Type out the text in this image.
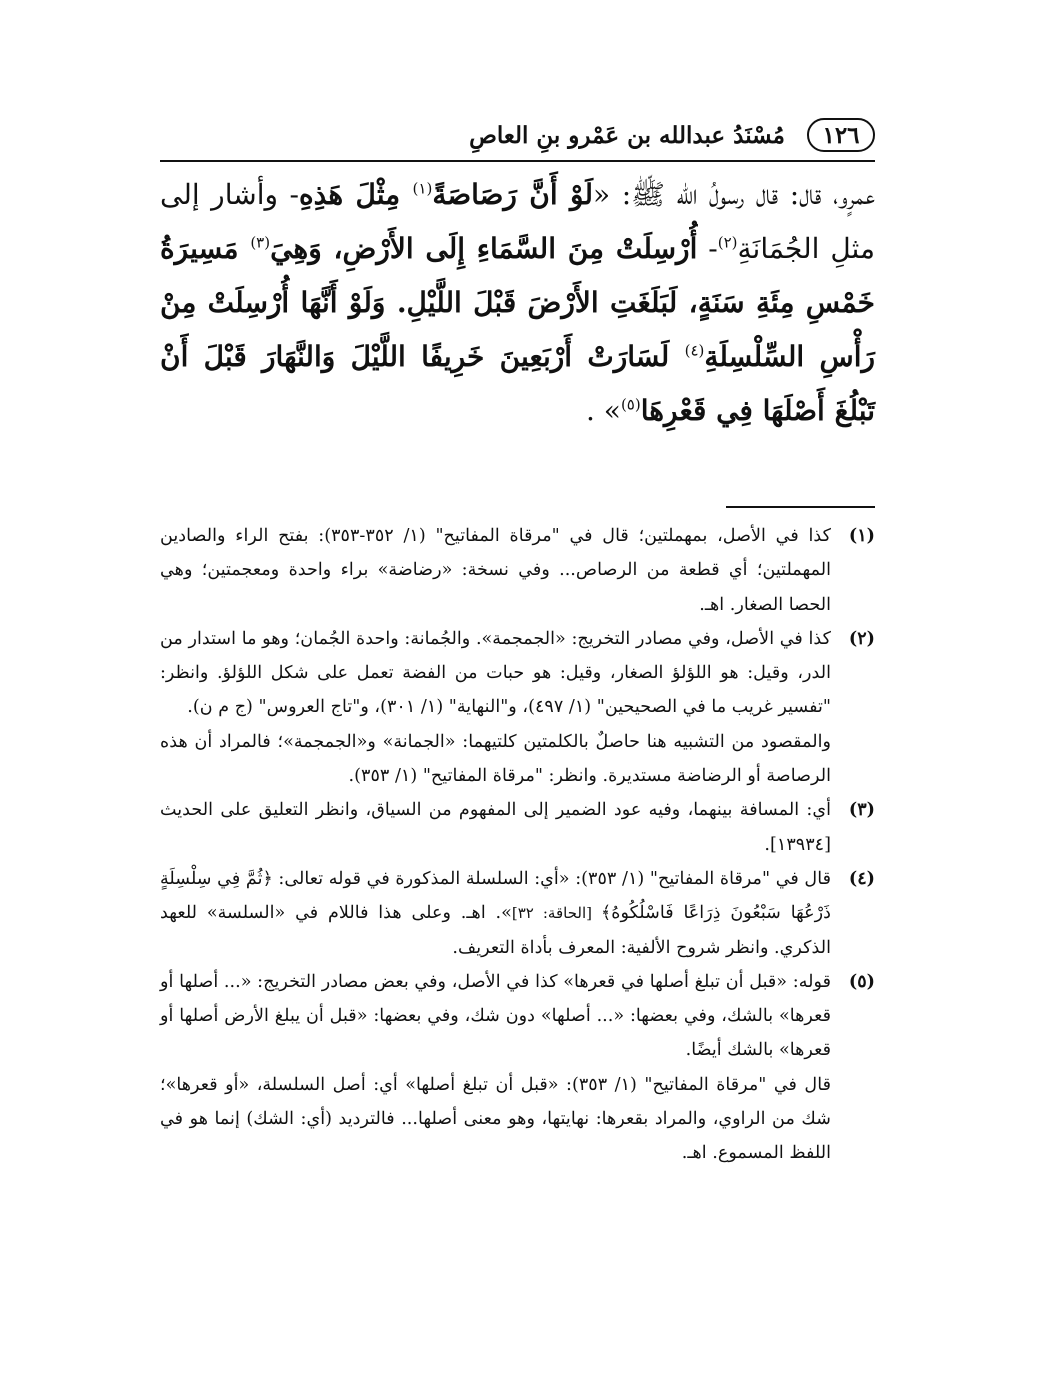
١٢٦
مُسْنَدُ عبدالله بن عَمْرو بنِ العاصِ
عمرٍو، قال: قال رسولُ الله ﷺ: «لَوْ أَنَّ رَصَاصَةً$^{(١)}$ مِثْلَ هَذِهِ- وأشار إلى مثلِ الجُمَانَةِ$^{(٢)}$- أُرْسِلَتْ مِنَ السَّمَاءِ إِلَى الأَرْضِ، وَهِيَ$^{(٣)}$ مَسِيرَةُ خَمْسِ مِئَةِ سَنَةٍ، لَبَلَغَتِ الأَرْضَ قَبْلَ اللَّيْلِ. وَلَوْ أَنَّهَا أُرْسِلَتْ مِنْ رَأْسِ السِّلْسِلَةِ$^{(٤)}$ لَسَارَتْ أَرْبَعِينَ خَرِيفًا اللَّيْلَ وَالنَّهَارَ قَبْلَ أَنْ تَبْلُغَ أَصْلَهَا فِي قَعْرِهَا$^{(٥)}$» .
(١)

كذا في الأصل، بمهملتين؛ قال في "مرقاة المفاتيح" (١/ ٣٥٢-٣٥٣): بفتح الراء والصادين المهملتين؛ أي قطعة من الرصاص... وفي نسخة: «رضاضة» براء واحدة ومعجمتين؛ وهي الحصا الصغار. اهـ.

(٢)

كذا في الأصل، وفي مصادر التخريج: «الجمجمة». والجُمانة: واحدة الجُمان؛ وهو ما استدار من الدر، وقيل: هو اللؤلؤ الصغار، وقيل: هو حبات من الفضة تعمل على شكل اللؤلؤ. وانظر: "تفسير غريب ما في الصحيحين" (١/ ٤٩٧)، و"النهاية" (١/ ٣٠١)، و"تاج العروس" (ج م ن).

والمقصود من التشبيه هنا حاصلٌ بالكلمتين كلتيهما: «الجمانة» و«الجمجمة»؛ فالمراد أن هذه الرصاصة أو الرضاضة مستديرة. وانظر: "مرقاة المفاتيح" (١/ ٣٥٣).

(٣)

أي: المسافة بينهما، وفيه عود الضمير إلى المفهوم من السياق، وانظر التعليق على الحديث [١٣٩٣٤].

(٤)

قال في "مرقاة المفاتيح" (١/ ٣٥٣): «أي: السلسلة المذكورة في قوله تعالى: ﴿ثُمَّ فِي سِلْسِلَةٍ ذَرْعُهَا سَبْعُونَ ذِرَاعًا فَاسْلُكُوهُ﴾ [الحاقة: ٣٢]». اهـ. وعلى هذا فاللام في «السلسة» للعهد الذكري. وانظر شروح الألفية: المعرف بأداة التعريف.

(٥)

قوله: «قبل أن تبلغ أصلها في قعرها» كذا في الأصل، وفي بعض مصادر التخريج: «... أصلها أو قعرها» بالشك، وفي بعضها: «... أصلها» دون شك، وفي بعضها: «قبل أن يبلغ الأرض أصلها أو قعرها» بالشك أيضًا.

قال في "مرقاة المفاتيح" (١/ ٣٥٣): «قبل أن تبلغ أصلها» أي: أصل السلسلة، «أو قعرها»؛ شك من الراوي، والمراد بقعرها: نهايتها، وهو معنى أصلها... فالترديد (أي: الشك) إنما هو في اللفظ المسموع. اهـ.
